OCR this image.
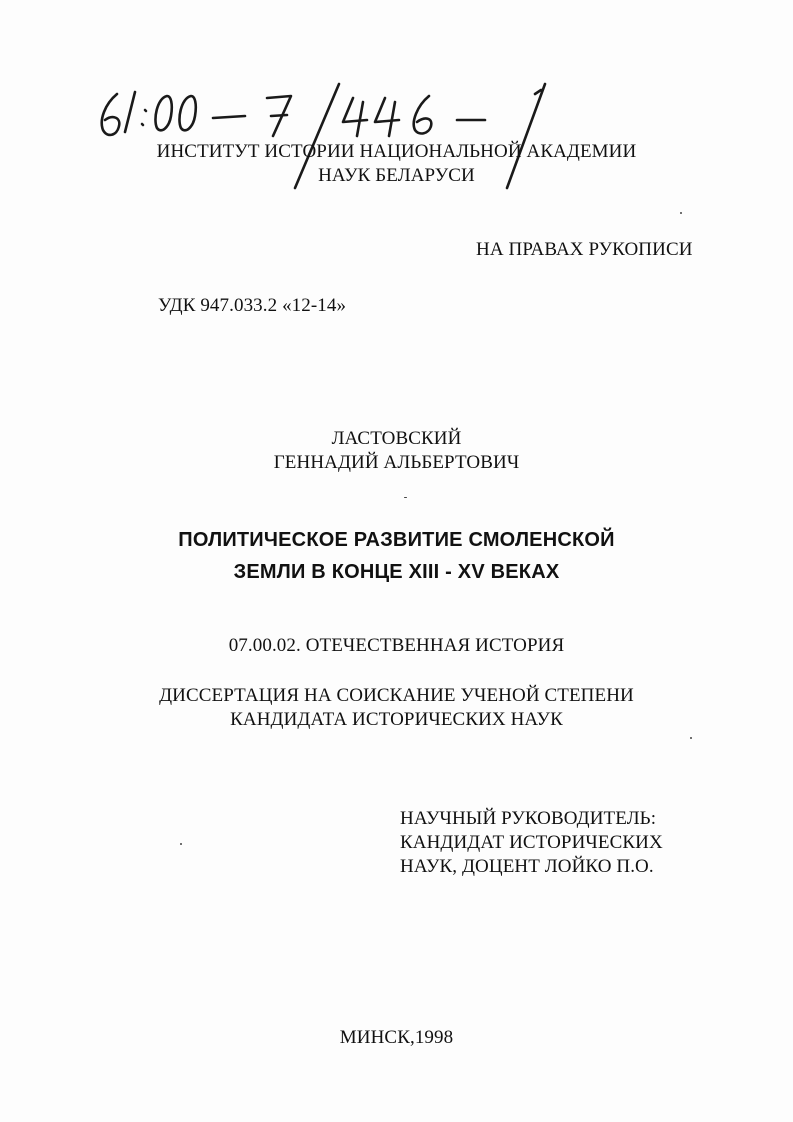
ИНСТИТУТ ИСТОРИИ НАЦИОНАЛЬНОЙ АКАДЕМИИ
НАУК БЕЛАРУСИ
НА ПРАВАХ РУКОПИСИ
УДК 947.033.2 «12-14»
ЛАСТОВСКИЙ
ГЕННАДИЙ АЛЬБЕРТОВИЧ
ПОЛИТИЧЕСКОЕ РАЗВИТИЕ СМОЛЕНСКОЙ
ЗЕМЛИ В КОНЦЕ XIII - XV ВЕКАХ
07.00.02. ОТЕЧЕСТВЕННАЯ ИСТОРИЯ
ДИССЕРТАЦИЯ НА СОИСКАНИЕ УЧЕНОЙ СТЕПЕНИ
КАНДИДАТА ИСТОРИЧЕСКИХ НАУК
НАУЧНЫЙ РУКОВОДИТЕЛЬ:
КАНДИДАТ ИСТОРИЧЕСКИХ
НАУК, ДОЦЕНТ ЛОЙКО П.О.
МИНСК,1998
